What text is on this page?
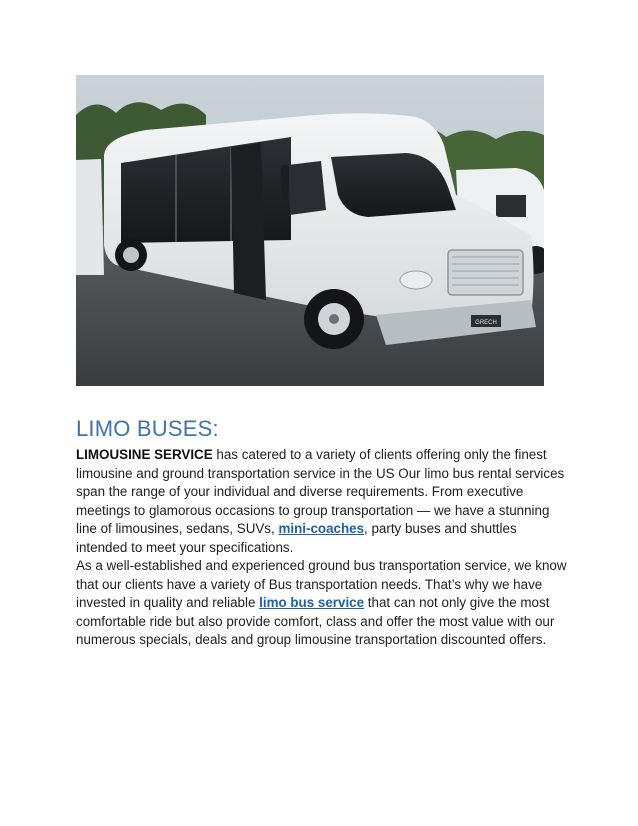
GRECH
LIMO BUSES:

LIMOUSINE SERVICE has catered to a variety of clients offering only the finest limousine and ground transportation service in the US Our limo bus rental services span the range of your individual and diverse requirements. From executive meetings to glamorous occasions to group transportation — we have a stunning line of limousines, sedans, SUVs, mini-coaches, party buses and shuttles intended to meet your specifications.

As a well-established and experienced ground bus transportation service, we know that our clients have a variety of Bus transportation needs. That’s why we have invested in quality and reliable limo bus service that can not only give the most comfortable ride but also provide comfort, class and offer the most value with our numerous specials, deals and group limousine transportation discounted offers.
